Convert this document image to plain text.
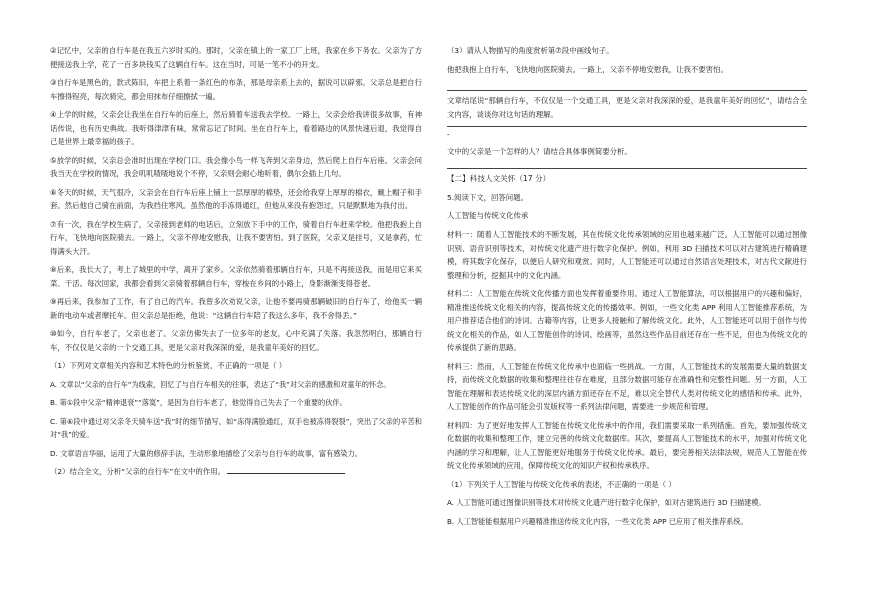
②记忆中，父亲的自行车是在我五六岁时买的。那时，父亲在镇上的一家工厂上班，我家在乡下务农。父亲为了方便接送我上学，花了一百多块钱买了这辆自行车。这在当时，可是一笔不小的开支。

③自行车是黑色的，款式陈旧，车把上系着一条红色的布条，那是母亲系上去的，据说可以辟邪。父亲总是把自行车擦得锃亮，每次骑完，都会用抹布仔细擦拭一遍。

④上学的时候，父亲会让我坐在自行车的后座上，然后骑着车送我去学校。一路上，父亲会给我讲很多故事，有神话传说，也有历史典故。我听得津津有味，常常忘记了时间。坐在自行车上，看着路边的风景快速后退，我觉得自己是世界上最幸福的孩子。

⑤放学的时候，父亲总会准时出现在学校门口。我会像小鸟一样飞奔到父亲身边，然后爬上自行车后座。父亲会问我当天在学校的情况，我会叽叽喳喳地说个不停，父亲则会耐心地听着，偶尔会插上几句。

⑥冬天的时候，天气很冷，父亲会在自行车后座上铺上一层厚厚的棉垫，还会给我穿上厚厚的棉衣，戴上帽子和手套。然后他自己骑在前面，为我挡住寒风。虽然他的手冻得通红，但他从来没有抱怨过，只是默默地为我付出。

⑦有一次，我在学校生病了，父亲接到老师的电话后，立刻放下手中的工作，骑着自行车赶来学校。他把我抱上自行车，飞快地向医院骑去。一路上，父亲不停地安慰我，让我不要害怕。到了医院，父亲又是挂号，又是拿药，忙得满头大汗。

⑧后来，我长大了，考上了城里的中学，离开了家乡。父亲依然骑着那辆自行车，只是不再接送我，而是用它来买菜、干活。每次回家，我都会看到父亲骑着那辆自行车，穿梭在乡间的小路上，身影渐渐变得苍老。

⑨再后来，我参加了工作，有了自己的汽车。我曾多次劝说父亲，让他不要再骑那辆破旧的自行车了，给他买一辆新的电动车或者摩托车。但父亲总是拒绝，他说：“这辆自行车陪了我这么多年，我不舍得丢。”

⑩如今，自行车老了，父亲也老了。父亲仿佛失去了一位多年的老友，心中充满了失落。我忽然明白，那辆自行车，不仅仅是父亲的一个交通工具，更是父亲对我深深的爱，是我童年美好的回忆。

（1）下列对文章相关内容和艺术特色的分析鉴赏，不正确的一项是（ ）

A. 文章以“父亲的自行车”为线索，回忆了与自行车相关的往事，表达了“我”对父亲的感激和对童年的怀念。

B. 第①段中父亲“精神退衰”“落寞”，是因为自行车老了，他觉得自己失去了一个重要的伙伴。

C. 第⑥段中通过对父亲冬天骑车送“我”时的细节描写，如“冻得满脸通红，双手也被冻得裂裂”，突出了父亲的辛苦和对“我”的爱。

D. 文章语言华丽，运用了大量的修辞手法，生动形象地描绘了父亲与自行车的故事，富有感染力。

（2）结合全文，分析“父亲的自行车”在文中的作用。

（3）请从人物描写的角度赏析第⑦段中画线句子。

他把我抱上自行车，飞快地向医院骑去。一路上，父亲不停地安慰我，让我不要害怕。

文章结尾说“那辆自行车，不仅仅是一个交通工具，更是父亲对我深深的爱，是我童年美好的回忆”，请结合全文内容，谈谈你对这句话的理解。

-

文中的父亲是一个怎样的人？请结合具体事例简要分析。

【二】科技人文关怀（17 分）

5.阅读下文，回答问题。

人工智能与传统文化传承

材料一：随着人工智能技术的不断发展，其在传统文化传承领域的应用也越来越广泛。人工智能可以通过图像识别、语音识别等技术，对传统文化遗产进行数字化保护。例如，利用 3D 扫描技术可以对古建筑进行精确建模，将其数字化保存，以便后人研究和观赏。同时，人工智能还可以通过自然语言处理技术，对古代文献进行整理和分析，挖掘其中的文化内涵。

材料二：人工智能在传统文化传播方面也发挥着重要作用。通过人工智能算法，可以根据用户的兴趣和偏好，精准推送传统文化相关的内容，提高传统文化的传播效率。例如，一些文化类 APP 利用人工智能推荐系统，为用户推荐适合他们的诗词、古籍等内容，让更多人接触和了解传统文化。此外，人工智能还可以用于创作与传统文化相关的作品，如人工智能创作的诗词、绘画等，虽然这些作品目前还存在一些不足，但也为传统文化的传承提供了新的思路。

材料三：然而，人工智能在传统文化传承中也面临一些挑战。一方面，人工智能技术的发展需要大量的数据支持，而传统文化数据的收集和整理往往存在难度，且部分数据可能存在准确性和完整性问题。另一方面，人工智能在理解和表达传统文化的深层内涵方面还存在不足，难以完全替代人类对传统文化的感悟和传承。此外，人工智能创作的作品可能会引发版权等一系列法律问题，需要进一步规范和管理。

材料四：为了更好地发挥人工智能在传统文化传承中的作用，我们需要采取一系列措施。首先，要加强传统文化数据的收集和整理工作，建立完善的传统文化数据库。其次，要提高人工智能技术的水平，加强对传统文化内涵的学习和理解，让人工智能更好地服务于传统文化传承。最后，要完善相关法律法规，规范人工智能在传统文化传承领域的应用，保障传统文化的知识产权和传承秩序。

（1）下列关于人工智能与传统文化传承的表述，不正确的一项是（ ）

A. 人工智能可通过图像识别等技术对传统文化遗产进行数字化保护，如对古建筑进行 3D 扫描建模。

B. 人工智能能根据用户兴趣精准推送传统文化内容，一些文化类 APP 已应用了相关推荐系统。
